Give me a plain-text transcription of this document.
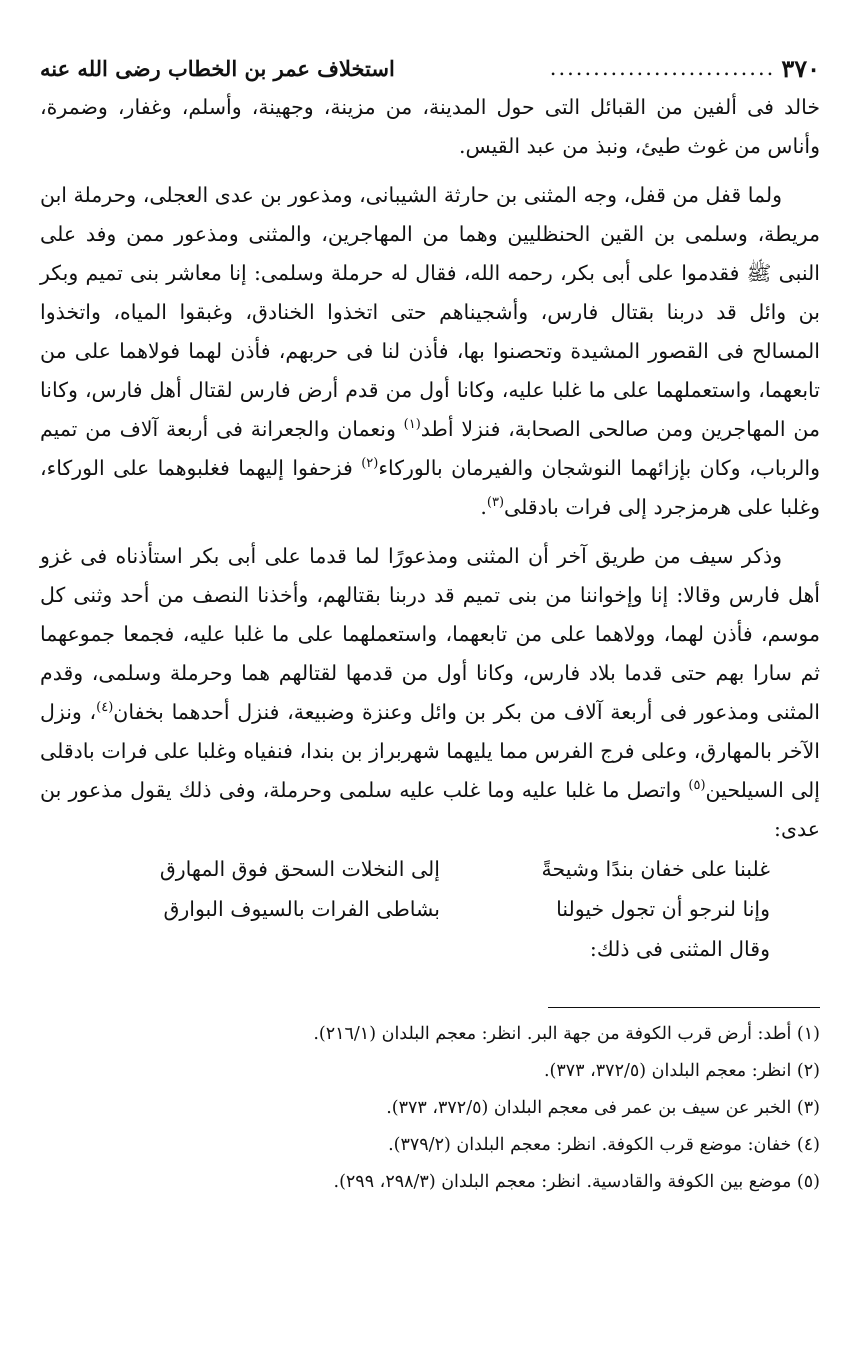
٣٧٠
..........................
استخلاف عمر بن الخطاب رضى الله عنه

خالد فى ألفين من القبائل التى حول المدينة، من مزينة، وجهينة، وأسلم، وغفار، وضمرة، وأناس من غوث طيئ، ونبذ من عبد القيس.

ولما قفل من قفل، وجه المثنى بن حارثة الشيبانى، ومذعور بن عدى العجلى، وحرملة ابن مريطة، وسلمى بن القين الحنظليين وهما من المهاجرين، والمثنى ومذعور ممن وفد على النبى ﷺ فقدموا على أبى بكر، رحمه الله، فقال له حرملة وسلمى: إنا معاشر بنى تميم وبكر بن وائل قد دربنا بقتال فارس، وأشجيناهم حتى اتخذوا الخنادق، وغبقوا المياه، واتخذوا المسالح فى القصور المشيدة وتحصنوا بها، فأذن لنا فى حربهم، فأذن لهما فولاهما على من تابعهما، واستعملهما على ما غلبا عليه، وكانا أول من قدم أرض فارس لقتال أهل فارس، وكانا من المهاجرين ومن صالحى الصحابة، فنزلا أطد$^{(١)}$ ونعمان والجعرانة فى أربعة آلاف من تميم والرباب، وكان بإزائهما النوشجان والفيرمان بالوركاء$^{(٢)}$ فزحفوا إليهما فغلبوهما على الوركاء، وغلبا على هرمزجرد إلى فرات بادقلى$^{(٣)}$.

وذكر سيف من طريق آخر أن المثنى ومذعورًا لما قدما على أبى بكر استأذناه فى غزو أهل فارس وقالا: إنا وإخواننا من بنى تميم قد دربنا بقتالهم، وأخذنا النصف من أحد وثنى كل موسم، فأذن لهما، وولاهما على من تابعهما، واستعملهما على ما غلبا عليه، فجمعا جموعهما ثم سارا بهم حتى قدما بلاد فارس، وكانا أول من قدمها لقتالهم هما وحرملة وسلمى، وقدم المثنى ومذعور فى أربعة آلاف من بكر بن وائل وعنزة وضبيعة، فنزل أحدهما بخفان$^{(٤)}$، ونزل الآخر بالمهارق، وعلى فرج الفرس مما يليهما شهربراز بن بندا، فنفياه وغلبا على فرات بادقلى إلى السيلحين$^{(٥)}$ واتصل ما غلبا عليه وما غلب عليه سلمى وحرملة، وفى ذلك يقول مذعور بن عدى:

غلبنا على خفان بندًا وشيحةً
إلى النخلات السحق فوق المهارق
وإنا لنرجو أن تجول خيولنا
بشاطى الفرات بالسيوف البوارق
وقال المثنى فى ذلك:
(١) أطد: أرض قرب الكوفة من جهة البر. انظر: معجم البلدان (٢١٦/١).
(٢) انظر: معجم البلدان (٣٧٢/٥، ٣٧٣).
(٣) الخبر عن سيف بن عمر فى معجم البلدان (٣٧٢/٥، ٣٧٣).
(٤) خفان: موضع قرب الكوفة. انظر: معجم البلدان (٣٧٩/٢).
(٥) موضع بين الكوفة والقادسية. انظر: معجم البلدان (٢٩٨/٣، ٢٩٩).
